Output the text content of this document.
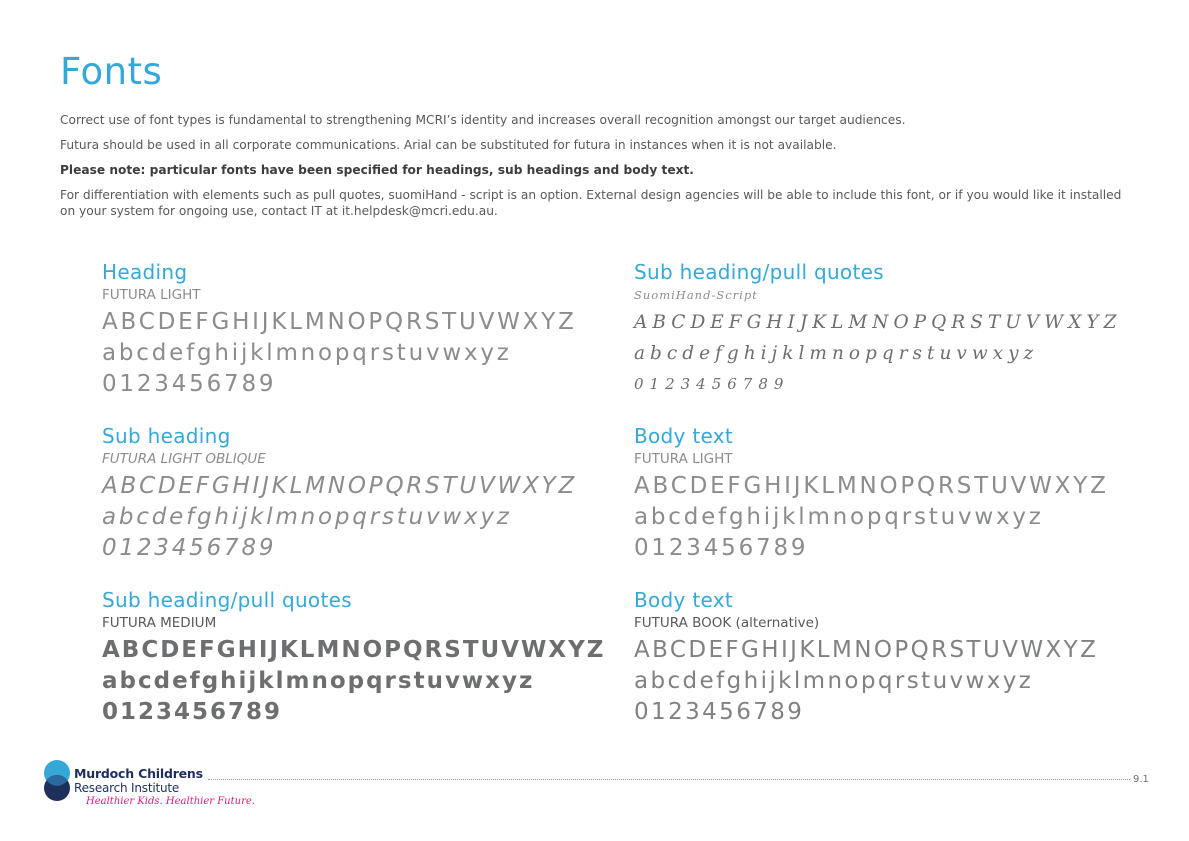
Fonts

Correct use of font types is fundamental to strengthening MCRI’s identity and increases overall recognition amongst our target audiences.

Futura should be used in all corporate communications. Arial can be substituted for futura in instances when it is not available.

Please note: particular fonts have been specified for headings, sub headings and body text.

For differentiation with elements such as pull quotes, suomiHand - script is an option. External design agencies will be able to include this font, or if you would like it installed on your system for ongoing use, contact IT at it.helpdesk@mcri.edu.au.

Heading
FUTURA LIGHT
ABCDEFGHIJKLMNOPQRSTUVWXYZ
abcdefghijklmnopqrstuvwxyz
0123456789
Sub heading
FUTURA LIGHT OBLIQUE
ABCDEFGHIJKLMNOPQRSTUVWXYZ
abcdefghijklmnopqrstuvwxyz
0123456789
Sub heading/pull quotes
FUTURA MEDIUM
ABCDEFGHIJKLMNOPQRSTUVWXYZ
abcdefghijklmnopqrstuvwxyz
0123456789
Sub heading/pull quotes
SuomiHand-Script
ABCDEFGHIJKLMNOPQRSTUVWXYZ
abcdefghijklmnopqrstuvwxyz
0123456789
Body text
FUTURA LIGHT
ABCDEFGHIJKLMNOPQRSTUVWXYZ
abcdefghijklmnopqrstuvwxyz
0123456789
Body text
FUTURA BOOK (alternative)
ABCDEFGHIJKLMNOPQRSTUVWXYZ
abcdefghijklmnopqrstuvwxyz
0123456789
Murdoch Childrens
Research Institute
Healthier Kids. Healthier Future.
9.1
